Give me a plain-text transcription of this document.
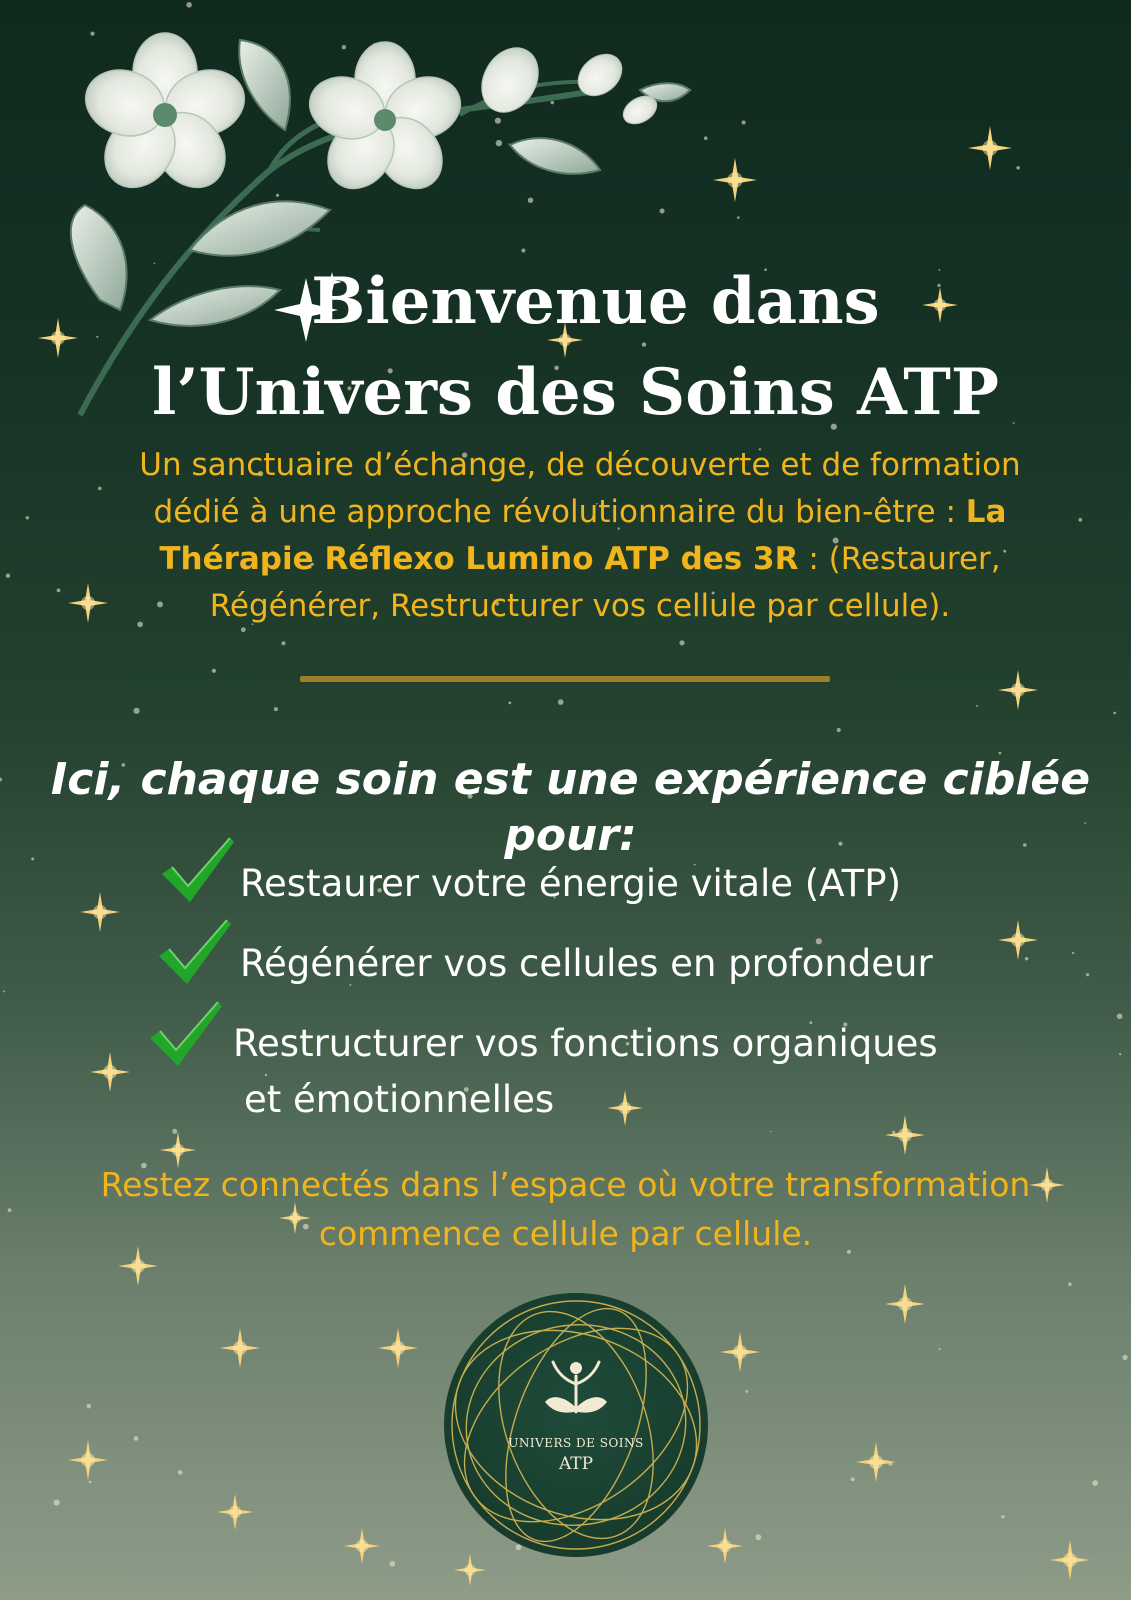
Bienvenue dans
l’Univers des Soins ATP

Un sanctuaire d’échange, de découverte et de formation dédié à une approche révolutionnaire du bien-être : La Thérapie Réflexo Lumino ATP des 3R : (Restaurer, Régénérer, Restructurer vos cellule par cellule).

Ici, chaque soin est une expérience ciblée pour:
Restaurer votre énergie vitale (ATP)
Régénérer vos cellules en profondeur
Restructurer vos fonctions organiques
et émotionnelles

Restez connectés dans l’espace où votre transformation
commence cellule par cellule.

UNIVERS DE SOINS
ATP
